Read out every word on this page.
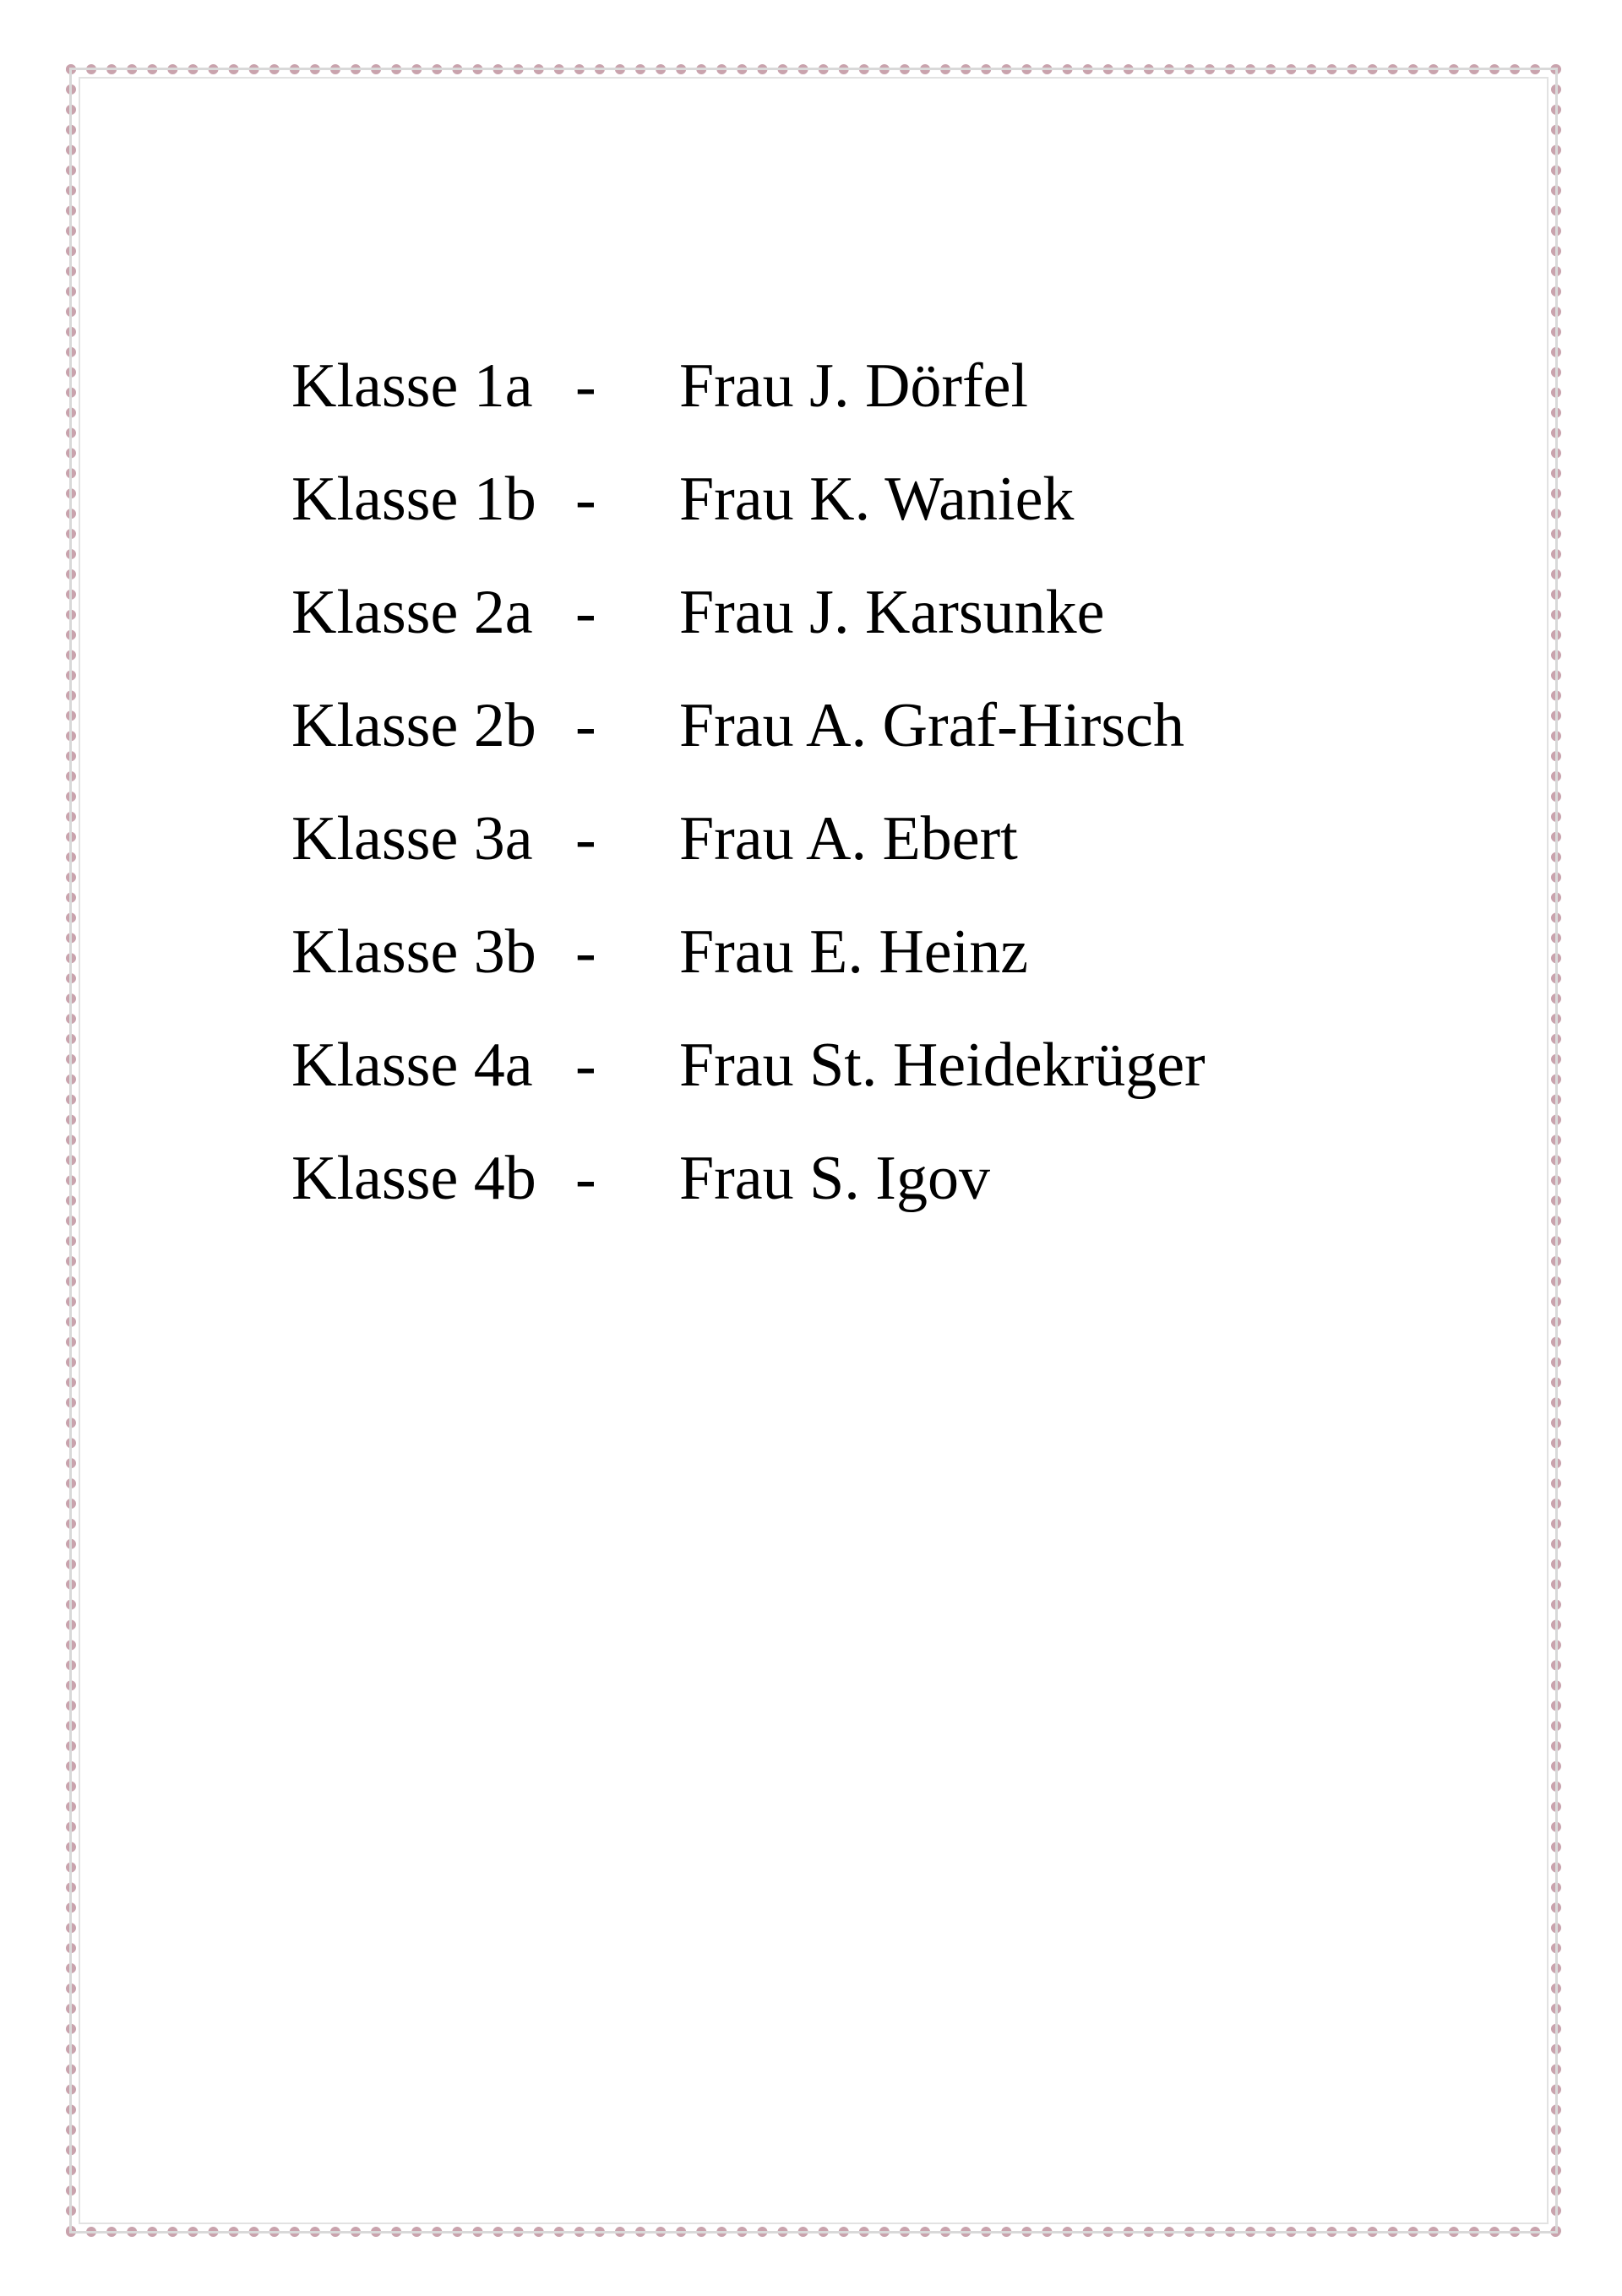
Klasse 1a -	Frau J. Dörfel
Klasse 1b -	Frau K. Waniek
Klasse 2a -	Frau J. Karsunke
Klasse 2b -	Frau A. Graf-Hirsch
Klasse 3a -	Frau A. Ebert
Klasse 3b -	Frau E. Heinz
Klasse 4a -	Frau St. Heidekrüger
Klasse 4b -	Frau S. Igov
